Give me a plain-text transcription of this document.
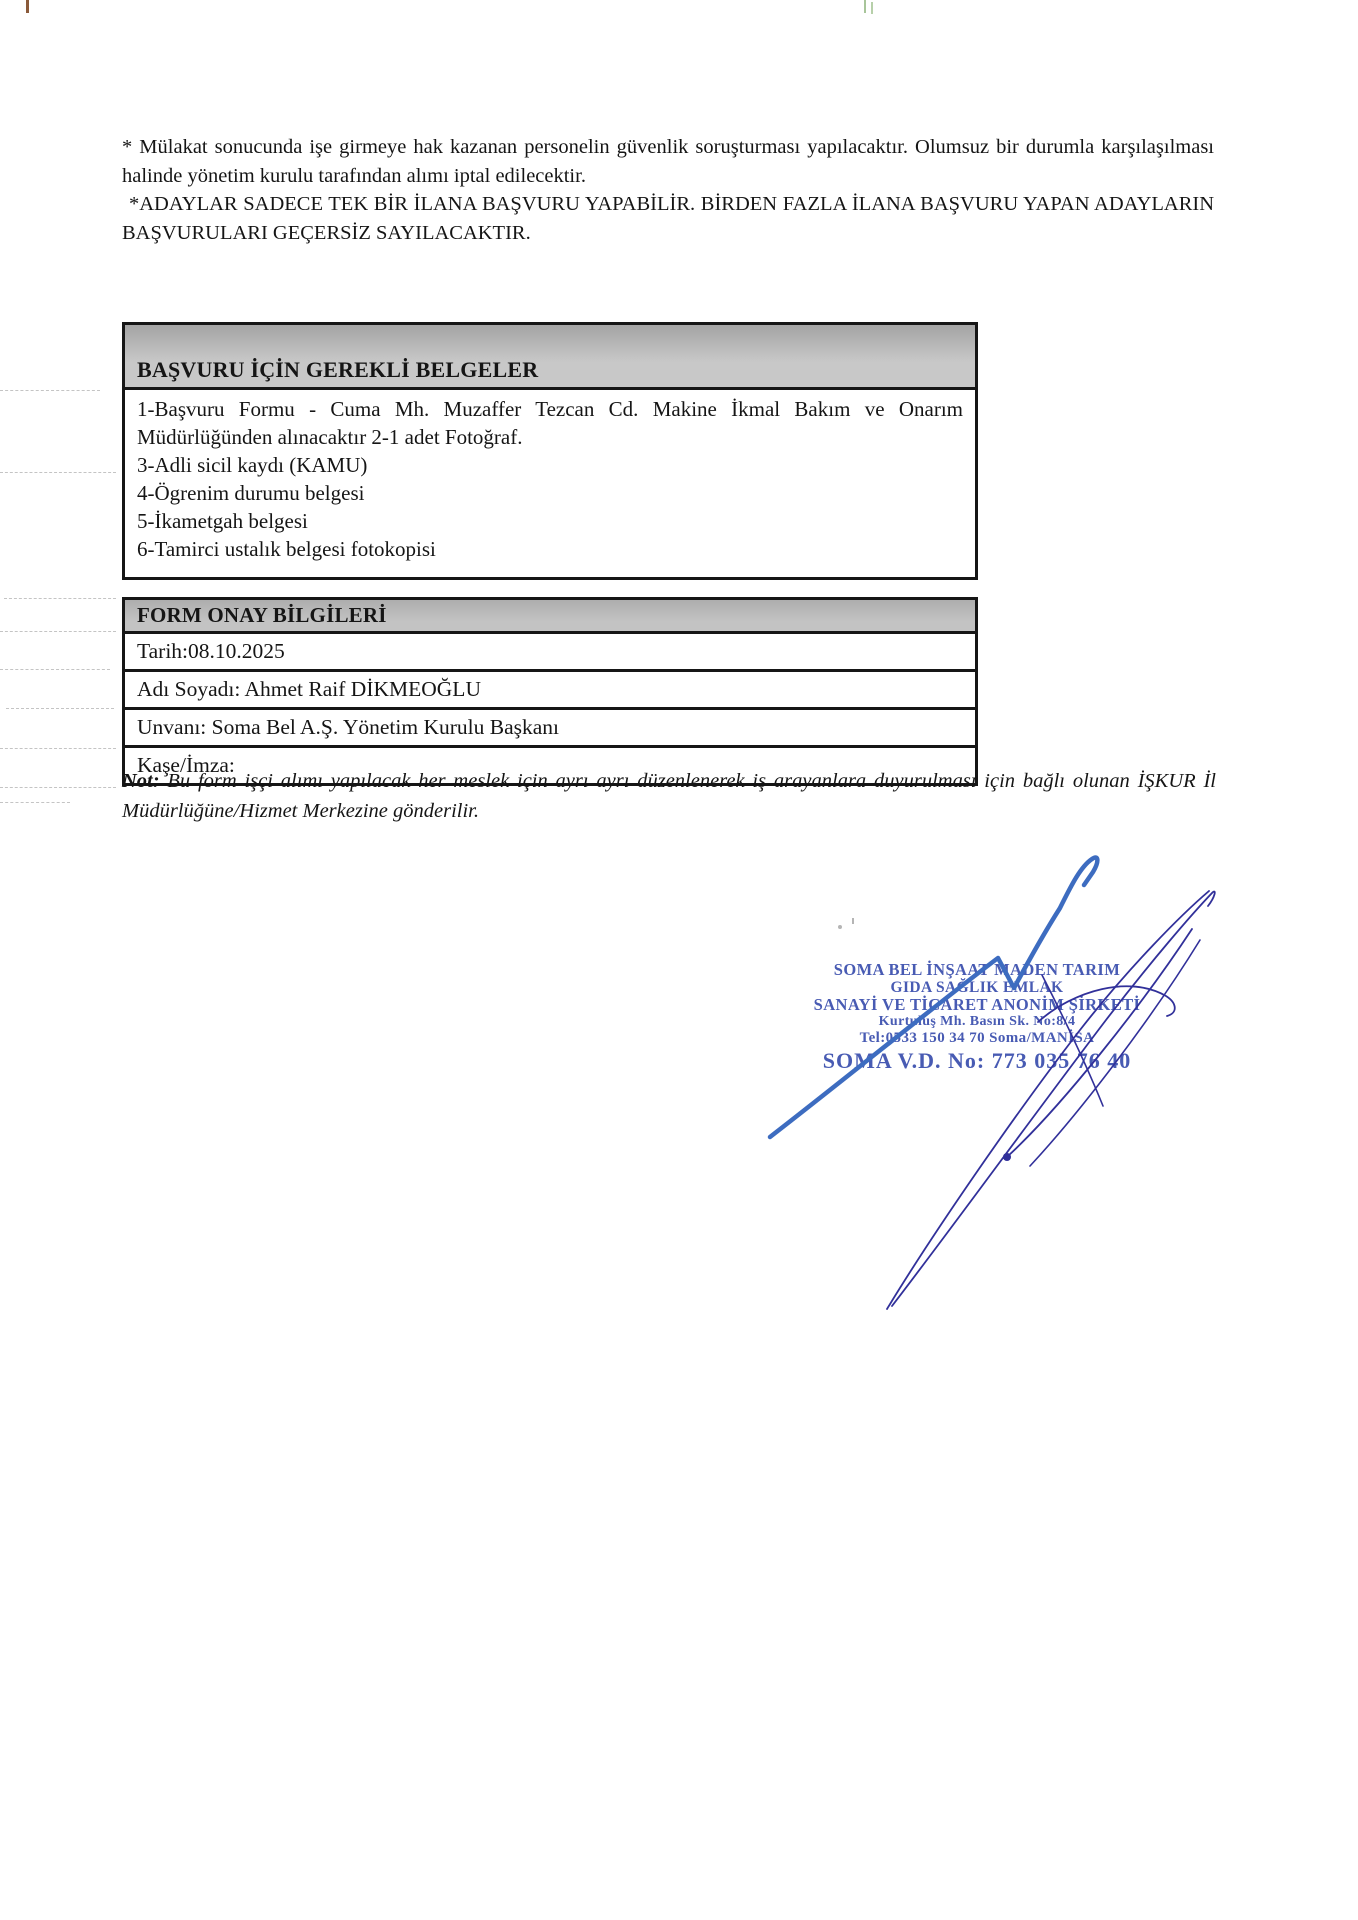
* Mülakat sonucunda işe girmeye hak kazanan personelin güvenlik soruşturması yapılacaktır. Olumsuz bir durumla karşılaşılması halinde yönetim kurulu tarafından alımı iptal edilecektir.

*ADAYLAR SADECE TEK BİR İLANA BAŞVURU YAPABİLİR. BİRDEN FAZLA İLANA BAŞVURU YAPAN ADAYLARIN BAŞVURULARI GEÇERSİZ SAYILACAKTIR.

BAŞVURU İÇİN GEREKLİ BELGELER

1-Başvuru Formu - Cuma Mh. Muzaffer Tezcan Cd. Makine İkmal Bakım ve Onarım

Müdürlüğünden alınacaktır 2-1 adet Fotoğraf.

3-Adli sicil kaydı (KAMU)

4-Ögrenim durumu belgesi

5-İkametgah belgesi

6-Tamirci ustalık belgesi fotokopisi

FORM ONAY BİLGİLERİ
Tarih:08.10.2025
Adı Soyadı: Ahmet Raif DİKMEOĞLU
Unvanı: Soma Bel A.Ş. Yönetim Kurulu Başkanı
Kaşe/İmza:
Not: Bu form işçi alımı yapılacak her meslek için ayrı ayrı düzenlenerek iş arayanlara duyurulması için bağlı olunan İŞKUR İl Müdürlüğüne/Hizmet Merkezine gönderilir.
SOMA BEL İNŞAAT MADEN TARIM
GIDA SAĞLIK EMLAK
SANAYİ VE TİCARET ANONİM ŞİRKETİ
Kurtuluş Mh. Basın Sk. No:8/4
Tel:0533 150 34 70 Soma/MANİSA
SOMA V.D. No: 773 035 76 40
